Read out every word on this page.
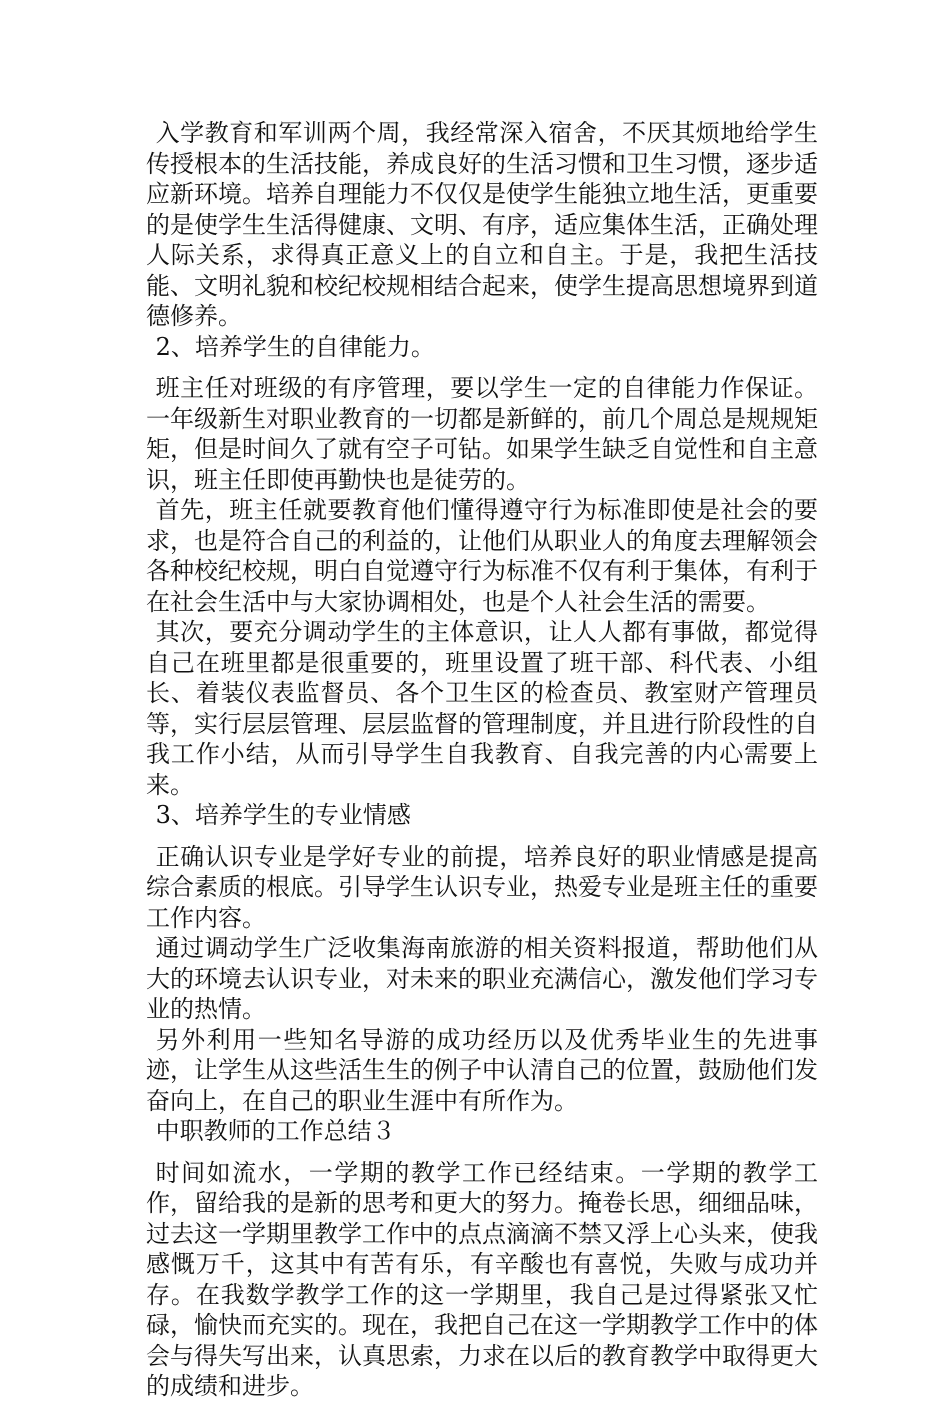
入学教育和军训两个周，我经常深入宿舍，不厌其烦地给学生传授根本的生活技能，养成良好的生活习惯和卫生习惯，逐步适应新环境。培养自理能力不仅仅是使学生能独立地生活，更重要的是使学生生活得健康、文明、有序，适应集体生活，正确处理人际关系，求得真正意义上的自立和自主。于是，我把生活技能、文明礼貌和校纪校规相结合起来，使学生提高思想境界到道德修养。

2、培养学生的自律能力。

班主任对班级的有序管理，要以学生一定的自律能力作保证。一年级新生对职业教育的一切都是新鲜的，前几个周总是规规矩矩，但是时间久了就有空子可钻。如果学生缺乏自觉性和自主意识，班主任即使再勤快也是徒劳的。

首先，班主任就要教育他们懂得遵守行为标准即使是社会的要求，也是符合自己的利益的，让他们从职业人的角度去理解领会各种校纪校规，明白自觉遵守行为标准不仅有利于集体，有利于在社会生活中与大家协调相处，也是个人社会生活的需要。

其次，要充分调动学生的主体意识，让人人都有事做，都觉得自己在班里都是很重要的，班里设置了班干部、科代表、小组长、着装仪表监督员、各个卫生区的检查员、教室财产管理员等，实行层层管理、层层监督的管理制度，并且进行阶段性的自我工作小结，从而引导学生自我教育、自我完善的内心需要上来。

3、培养学生的专业情感

正确认识专业是学好专业的前提，培养良好的职业情感是提高综合素质的根底。引导学生认识专业，热爱专业是班主任的重要工作内容。

通过调动学生广泛收集海南旅游的相关资料报道，帮助他们从大的环境去认识专业，对未来的职业充满信心，激发他们学习专业的热情。

另外利用一些知名导游的成功经历以及优秀毕业生的先进事迹，让学生从这些活生生的例子中认清自己的位置，鼓励他们发奋向上，在自己的职业生涯中有所作为。

中职教师的工作总结３

时间如流水，一学期的教学工作已经结束。一学期的教学工作，留给我的是新的思考和更大的努力。掩卷长思，细细品味，过去这一学期里教学工作中的点点滴滴不禁又浮上心头来，使我感慨万千，这其中有苦有乐，有辛酸也有喜悦，失败与成功并存。在我数学教学工作的这一学期里，我自己是过得紧张又忙碌，愉快而充实的。现在，我把自己在这一学期教学工作中的体会与得失写出来，认真思索，力求在以后的教育教学中取得更大的成绩和进步。
